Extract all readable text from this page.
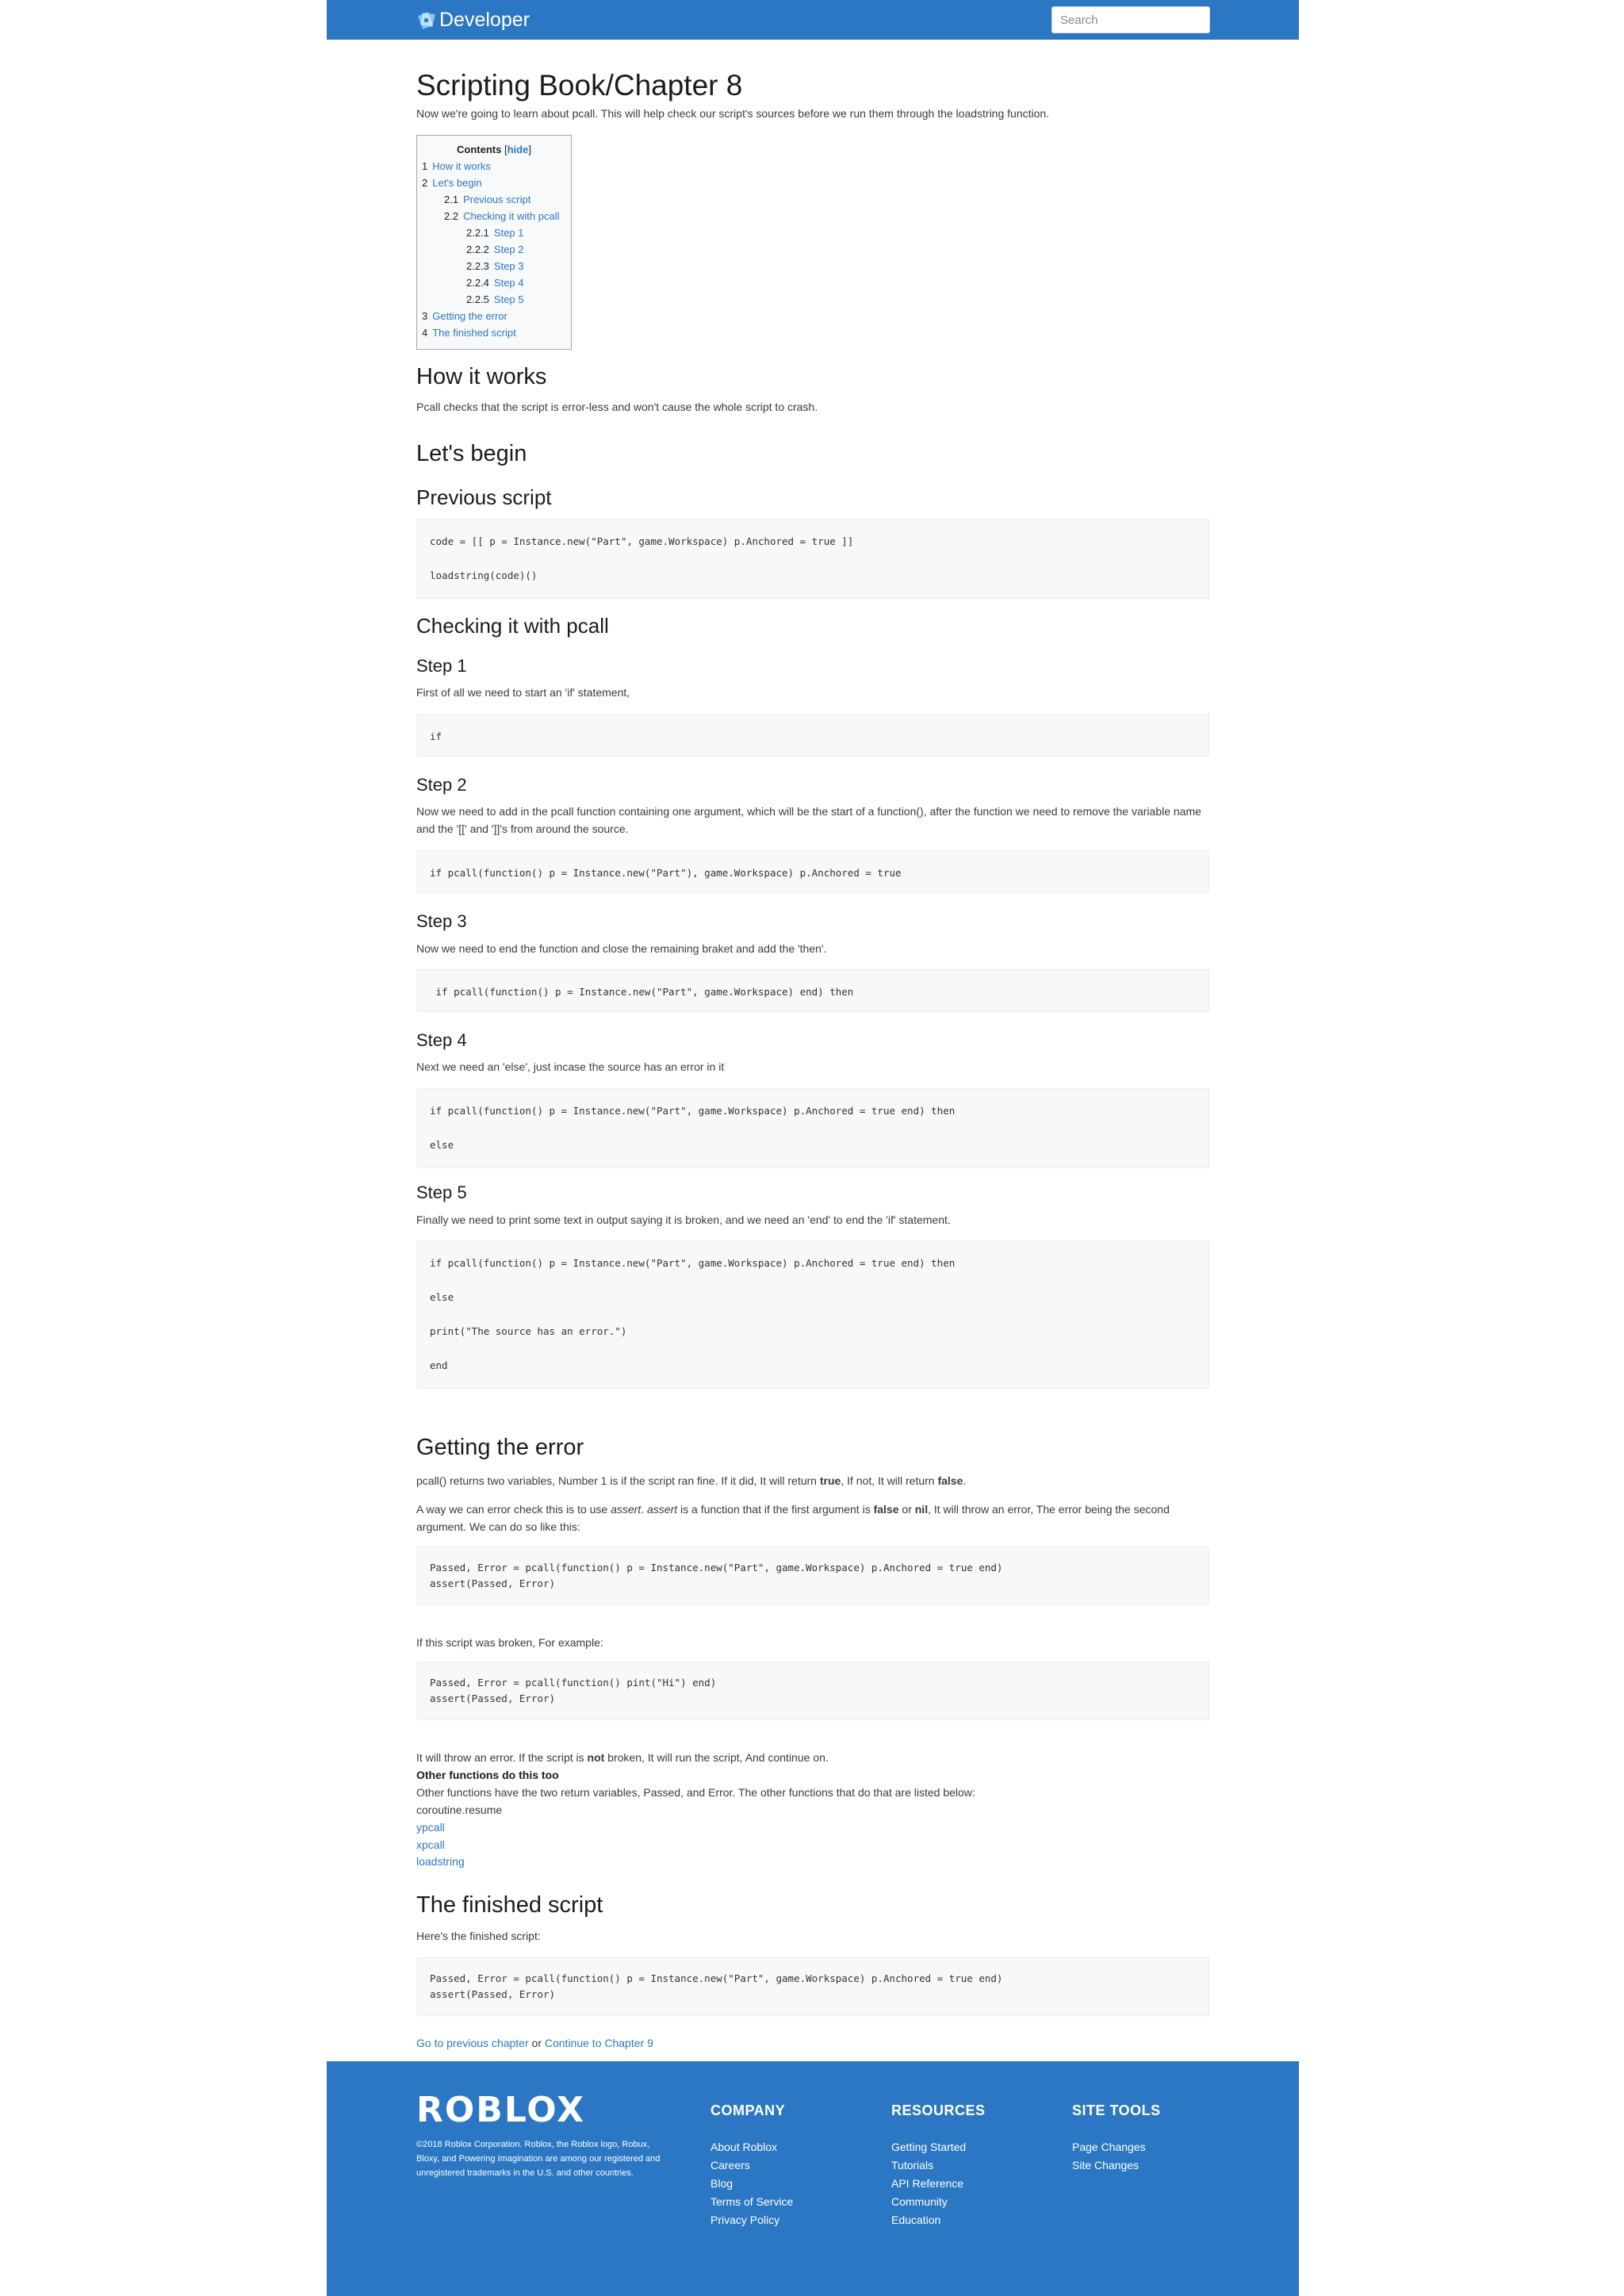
Developer
Search
Scripting Book/Chapter 8

Now we're going to learn about pcall. This will help check our script's sources before we run them through the loadstring function.

Contents [hide]
1 How it works
2 Let's begin
2.1 Previous script
2.2 Checking it with pcall
2.2.1 Step 1
2.2.2 Step 2
2.2.3 Step 3
2.2.4 Step 4
2.2.5 Step 5
3 Getting the error
4 The finished script
How it works

Pcall checks that the script is error-less and won't cause the whole script to crash.

Let's begin
Previous script
code = [[ p = Instance.new("Part", game.Workspace) p.Anchored = true ]]
loadstring(code)()
Checking it with pcall
Step 1

First of all we need to start an 'if' statement,

if
Step 2

Now we need to add in the pcall function containing one argument, which will be the start of a function(), after the function we need to remove the variable name and the '[[' and ']]'s from around the source.

if pcall(function() p = Instance.new("Part"), game.Workspace) p.Anchored = true
Step 3

Now we need to end the function and close the remaining braket and add the 'then'.

if pcall(function() p = Instance.new("Part", game.Workspace) end) then
Step 4

Next we need an 'else', just incase the source has an error in it

if pcall(function() p = Instance.new("Part", game.Workspace) p.Anchored = true end) then
else
Step 5

Finally we need to print some text in output saying it is broken, and we need an 'end' to end the 'if' statement.

if pcall(function() p = Instance.new("Part", game.Workspace) p.Anchored = true end) then
else
print("The source has an error.")
end
Getting the error

pcall() returns two variables, Number 1 is if the script ran fine. If it did, It will return true, If not, It will return false.

A way we can error check this is to use assert. assert is a function that if the first argument is false or nil, It will throw an error, The error being the second argument. We can do so like this:

Passed, Error = pcall(function() p = Instance.new("Part", game.Workspace) p.Anchored = true end)
assert(Passed, Error)

If this script was broken, For example:

Passed, Error = pcall(function() pint("Hi") end)
assert(Passed, Error)

It will throw an error. If the script is not broken, It will run the script, And continue on.

Other functions do this too

Other functions have the two return variables, Passed, and Error. The other functions that do that are listed below:

coroutine.resume

ypcall

xpcall

loadstring

The finished script

Here's the finished script:

Passed, Error = pcall(function() p = Instance.new("Part", game.Workspace) p.Anchored = true end)
assert(Passed, Error)

Go to previous chapter or Continue to Chapter 9

ROBLOX
©2018 Roblox Corporation. Roblox, the Roblox logo, Robux, Bloxy, and Powering Imagination are among our registered and unregistered trademarks in the U.S. and other countries.
COMPANY
About Roblox
Careers
Blog
Terms of Service
Privacy Policy
RESOURCES
Getting Started
Tutorials
API Reference
Community
Education
SITE TOOLS
Page Changes
Site Changes
